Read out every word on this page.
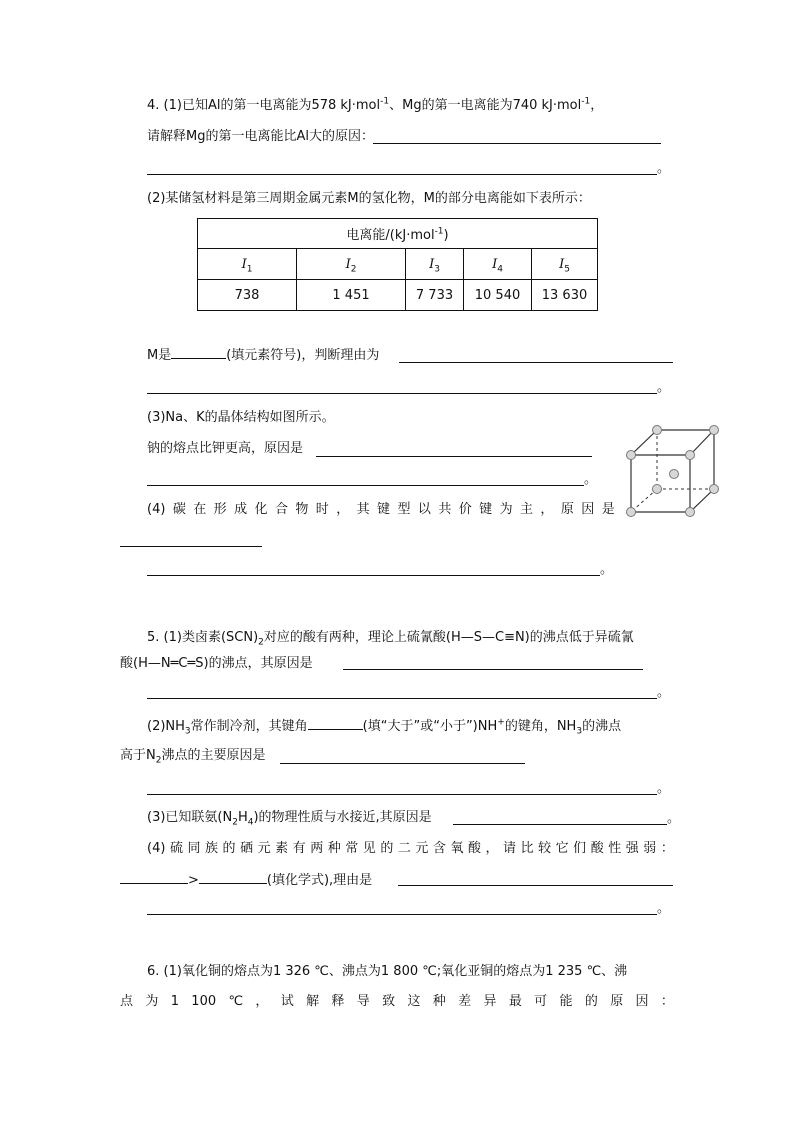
4. (1)已知Al的第一电离能为578 kJ·mol$^{-1}$、Mg的第一电离能为740 kJ·mol$^{-1}$，
请解释Mg的第一电离能比Al大的原因：
。
(2)某储氢材料是第三周期金属元素M的氢化物，M的部分电离能如下表所示：
电离能/(kJ·mol$^{-1}$)				
$I_1$	$I_2$	$I_3$	$I_4$	$I_5$
738	1 451	7 733	10 540	13 630
M是	(填元素符号)，判断理由为
。
(3)Na、K的晶体结构如图所示。
钠的熔点比钾更高，原因是
。
(4) 碳 在 形 成 化 合 物 时 ， 其 键 型 以 共 价 键 为 主 ， 原 因 是
。
5. (1)类卤素$(SCN)_2$对应的酸有两种，理论上硫氰酸(H—S—C≡N)的沸点低于异硫氰
酸(H—N═C═S)的沸点，其原因是
。
$(2)NH_3$常作制冷剂，其键角	(填“大于”或“小于”)NH+的键角，$NH_3$的沸点
高于$N_2$沸点的主要原因是
。
(3)已知联氨$(N_2H_4)$的物理性质与水接近,其原因是	。
(4) 硫 同 族 的 硒 元 素 有 两 种 常 见 的 二 元 含 氧 酸 ， 请 比 较 它 们 酸 性 强 弱 ：
>	(填化学式),理由是
。
6. (1)氧化铜的熔点为1 326 ℃、沸点为1 800 ℃;氧化亚铜的熔点为1 235 ℃、沸
点 为 1 100 ℃ ， 试 解 释 导 致 这 种 差 异 最 可 能 的 原 因 ：
